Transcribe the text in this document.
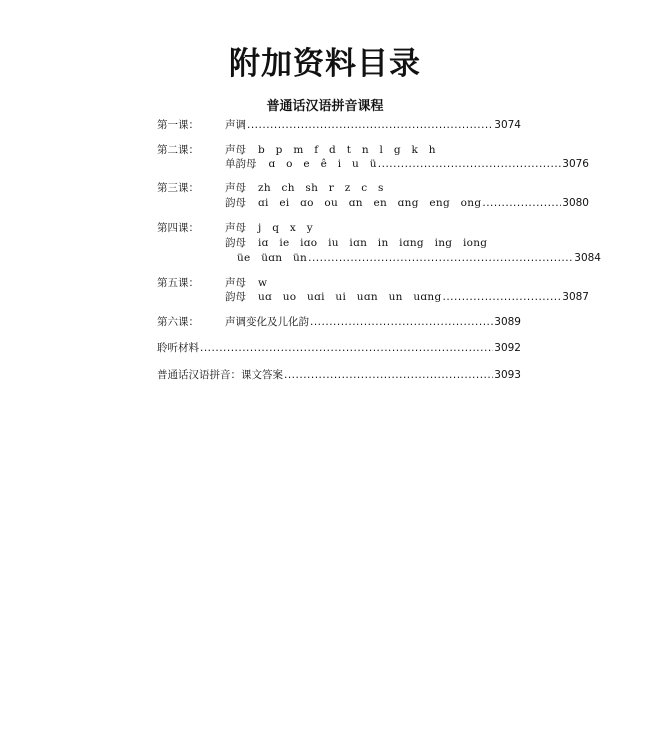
附加资料目录
普通话汉语拼音课程
第一课：	声调 .....	3074
第二课：	声母 b p m f d t n l g k h
单韵母 ɑ o e ê i u ü .....	3076
第三课：	声母 zh ch sh r z c s
韵母 ɑi ei ɑo ou ɑn en ɑng eng ong .....	3080
第四课：	声母 j q x y
韵母 iɑ ie iɑo iu iɑn in iɑng ing iong
üe üɑn ün .....	3084
第五课：	声母 w
韵母 uɑ uo uɑi ui uɑn un uɑng .....	3087
第六课：	声调变化及儿化韵 .....	3089
聆听材料 .....	3092
普通话汉语拼音：课文答案 .....	3093
